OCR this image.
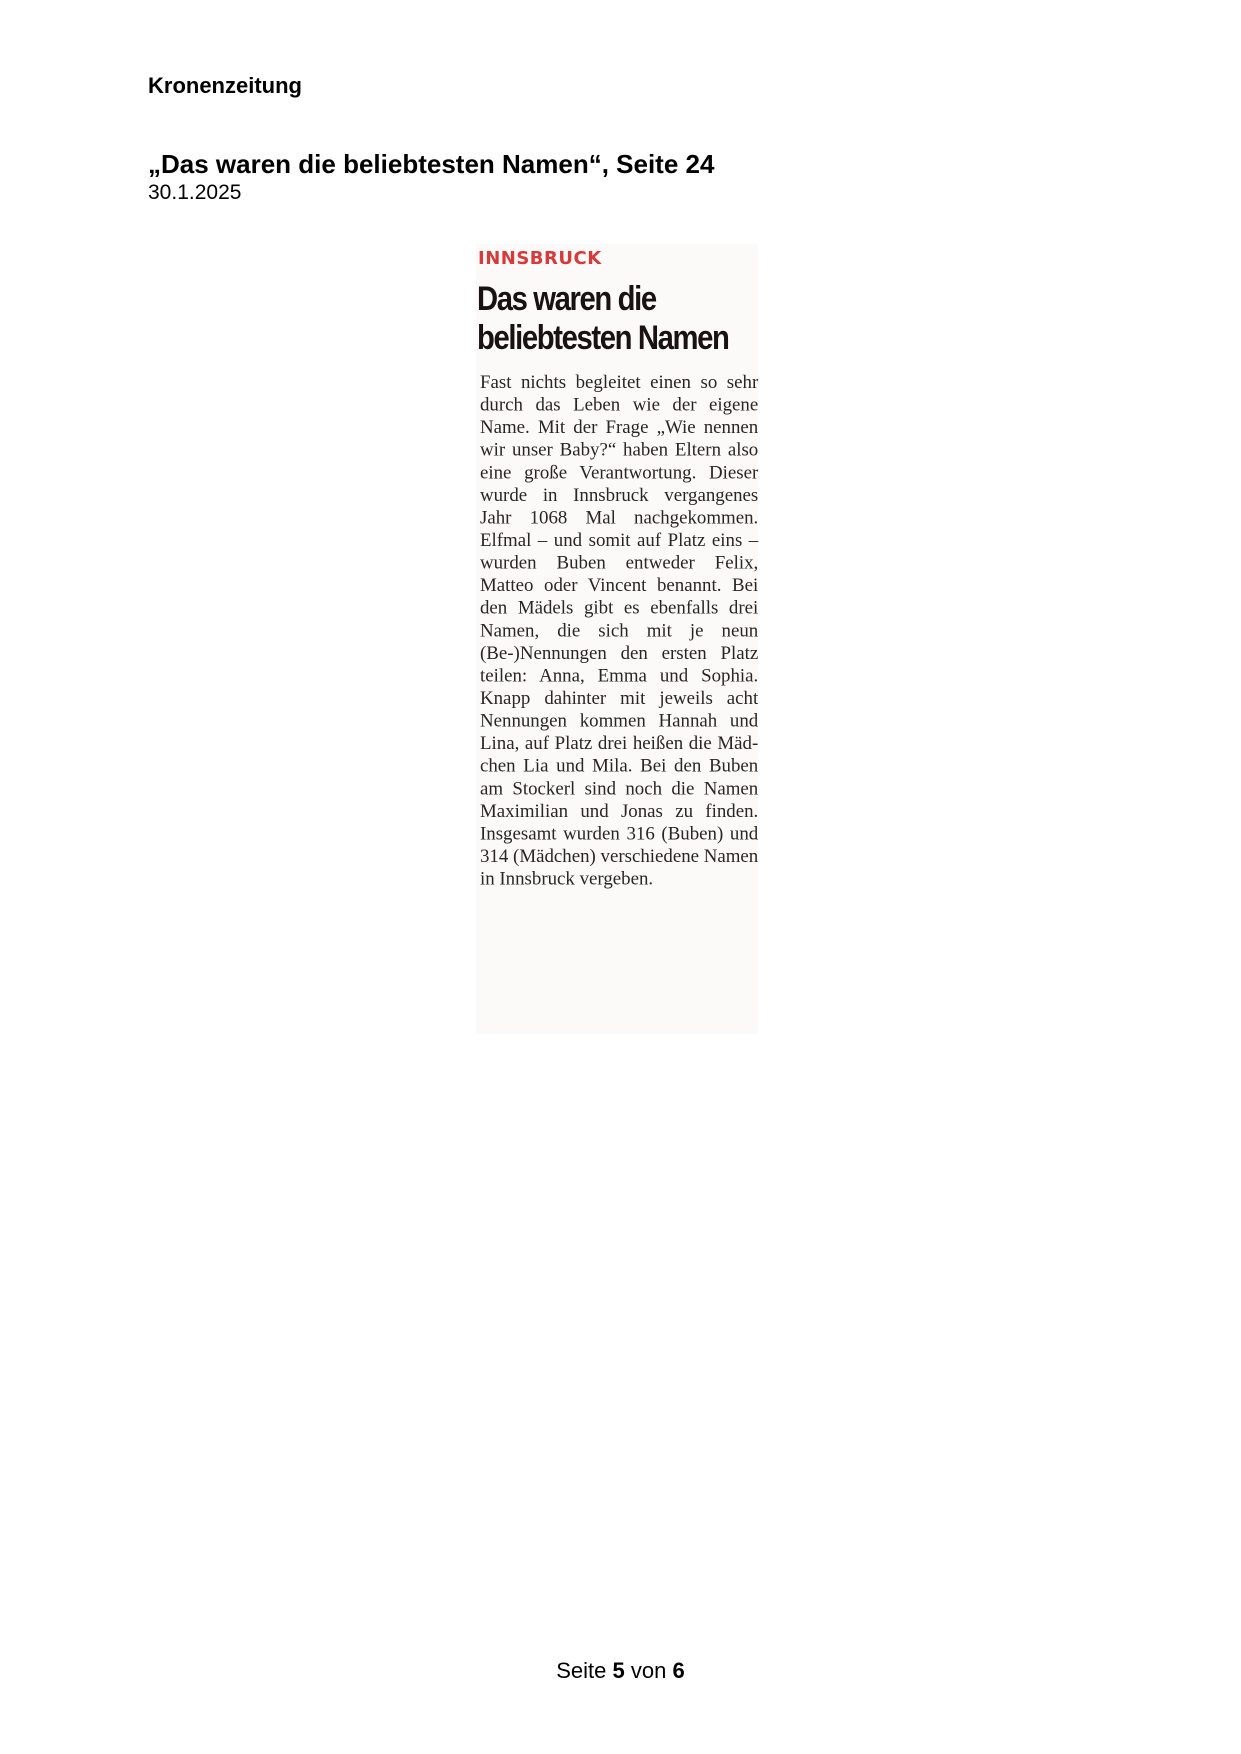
Kronenzeitung
„Das waren die beliebtesten Namen“, Seite 24
30.1.2025
INNSBRUCK
Das waren die
beliebtesten Namen

Fast nichts begleitet einen so sehr durch das Leben wie der eigene Name. Mit der Frage „Wie nennen wir unser Baby?“ haben Eltern also eine große Verantwortung. Dieser wurde in Innsbruck vergangenes Jahr 1068 Mal nachgekommen. Elfmal – und somit auf Platz eins – wurden Buben entweder Felix, Matteo oder Vincent benannt. Bei den Mädels gibt es ebenfalls drei Namen, die sich mit je neun (Be-)Nennungen den ersten Platz teilen: Anna, Emma und Sophia. Knapp dahinter mit jeweils acht Nennungen kommen Hannah und Lina, auf Platz drei heißen die Mädchen Lia und Mila. Bei den Buben am Stockerl sind noch die Namen Maximilian und Jonas zu finden. Insgesamt wurden 316 (Buben) und 314 (Mädchen) verschiedene Namen in Innsbruck vergeben.

Seite 5 von 6
